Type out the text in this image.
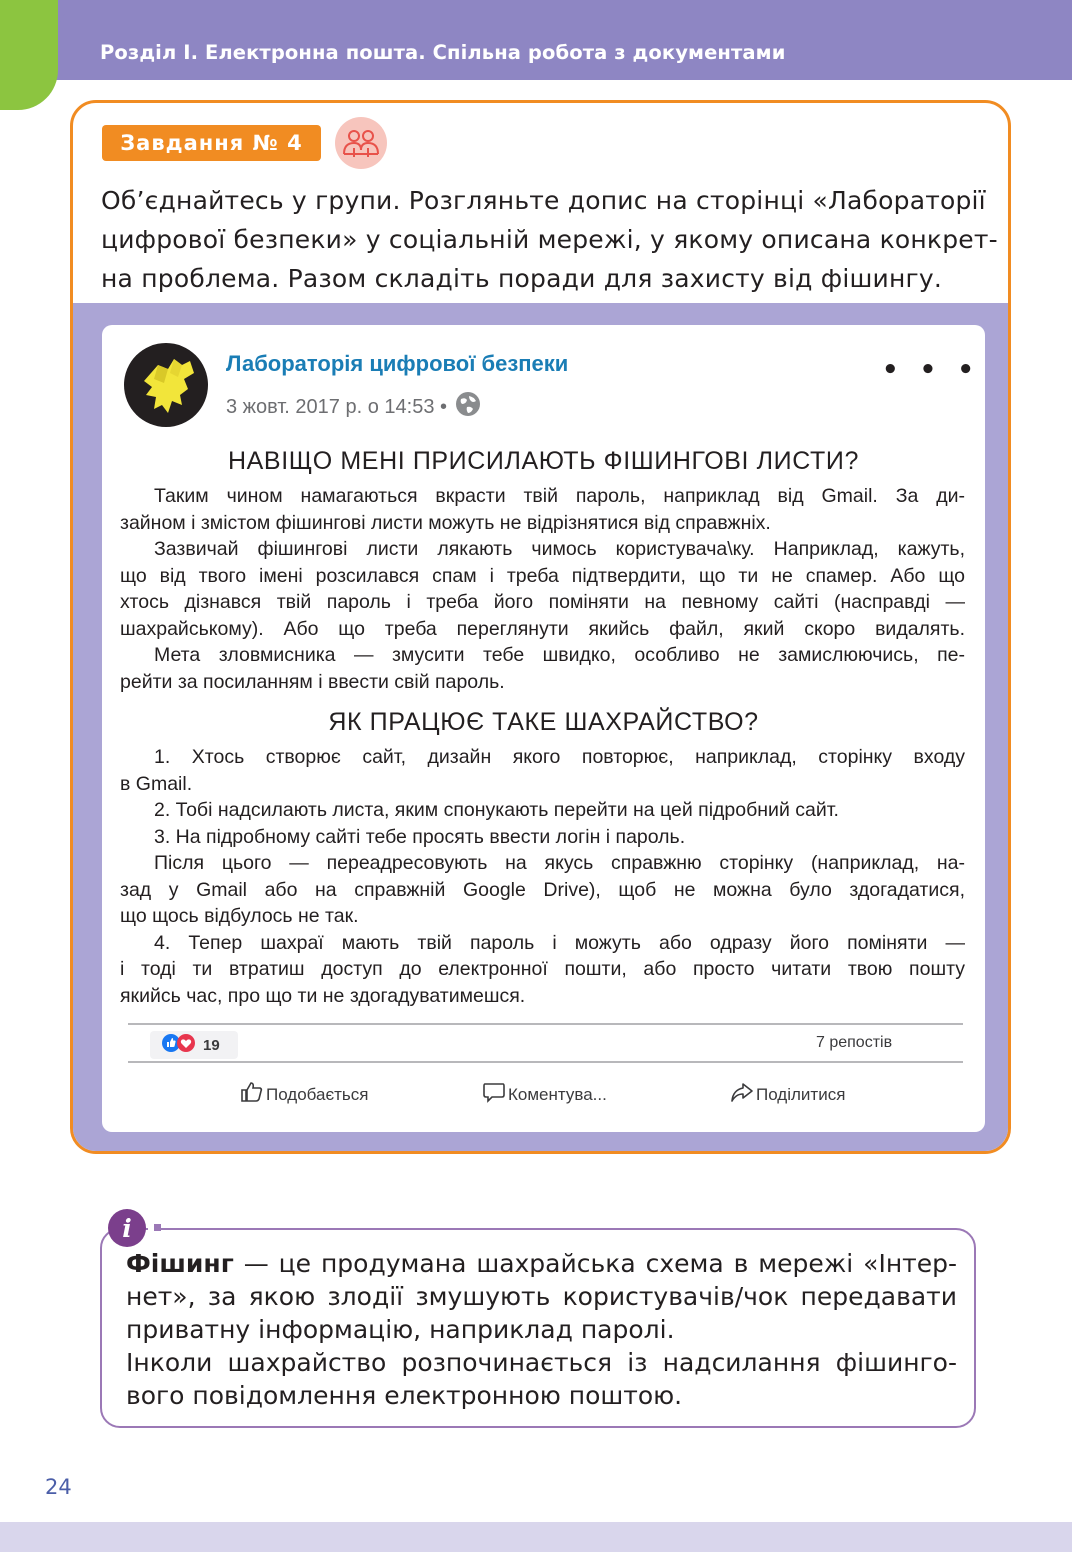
Розділ І. Електронна пошта. Спільна робота з документами
Завдання № 4
Об’єднайтесь у групи. Розгляньте допис на сторінці «Лабораторії
цифрової безпеки» у соціальній мережі, у якому описана конкрет-
на проблема. Разом складіть поради для захисту від фішингу.
Лабораторія цифрової безпеки
3 жовт. 2017 р. о 14:53 •
• • •
НАВІЩО МЕНІ ПРИСИЛАЮТЬ ФІШИНГОВІ ЛИСТИ?
Таким чином намагаються вкрасти твій пароль, наприклад від Gmail. За ди-
зайном і змістом фішингові листи можуть не відрізнятися від справжніх.
Зазвичай фішингові листи лякають чимось користувача\ку. Наприклад, кажуть,
що від твого імені розсилався спам і треба підтвердити, що ти не спамер. Або що
хтось дізнався твій пароль і треба його поміняти на певному сайті (насправді —
шахрайському). Або що треба переглянути якийсь файл, який скоро видалять.
Мета зловмисника — змусити тебе швидко, особливо не замислюючись, пе-
рейти за посиланням і ввести свій пароль.
ЯК ПРАЦЮЄ ТАКЕ ШАХРАЙСТВО?
1. Хтось створює сайт, дизайн якого повторює, наприклад, сторінку входу
в Gmail.
2. Тобі надсилають листа, яким спонукають перейти на цей підробний сайт.
3. На підробному сайті тебе просять ввести логін і пароль.
Після цього — переадресовують на якусь справжню сторінку (наприклад, на-
зад у Gmail або на справжній Google Drive), щоб не можна було здогадатися,
що щось відбулось не так.
4. Тепер шахраї мають твій пароль і можуть або одразу його поміняти —
і тоді ти втратиш доступ до електронної пошти, або просто читати твою пошту
якийсь час, про що ти не здогадуватимешся.
19	7 репостів
Подобається	Коментува...	Поділитися
i
Фішинг — це продумана шахрайська схема в мережі «Інтер-
нет», за якою злодії змушують користувачів/чок передавати
приватну інформацію, наприклад паролі.
Інколи шахрайство розпочинається із надсилання фішинго-
вого повідомлення електронною поштою.
24
